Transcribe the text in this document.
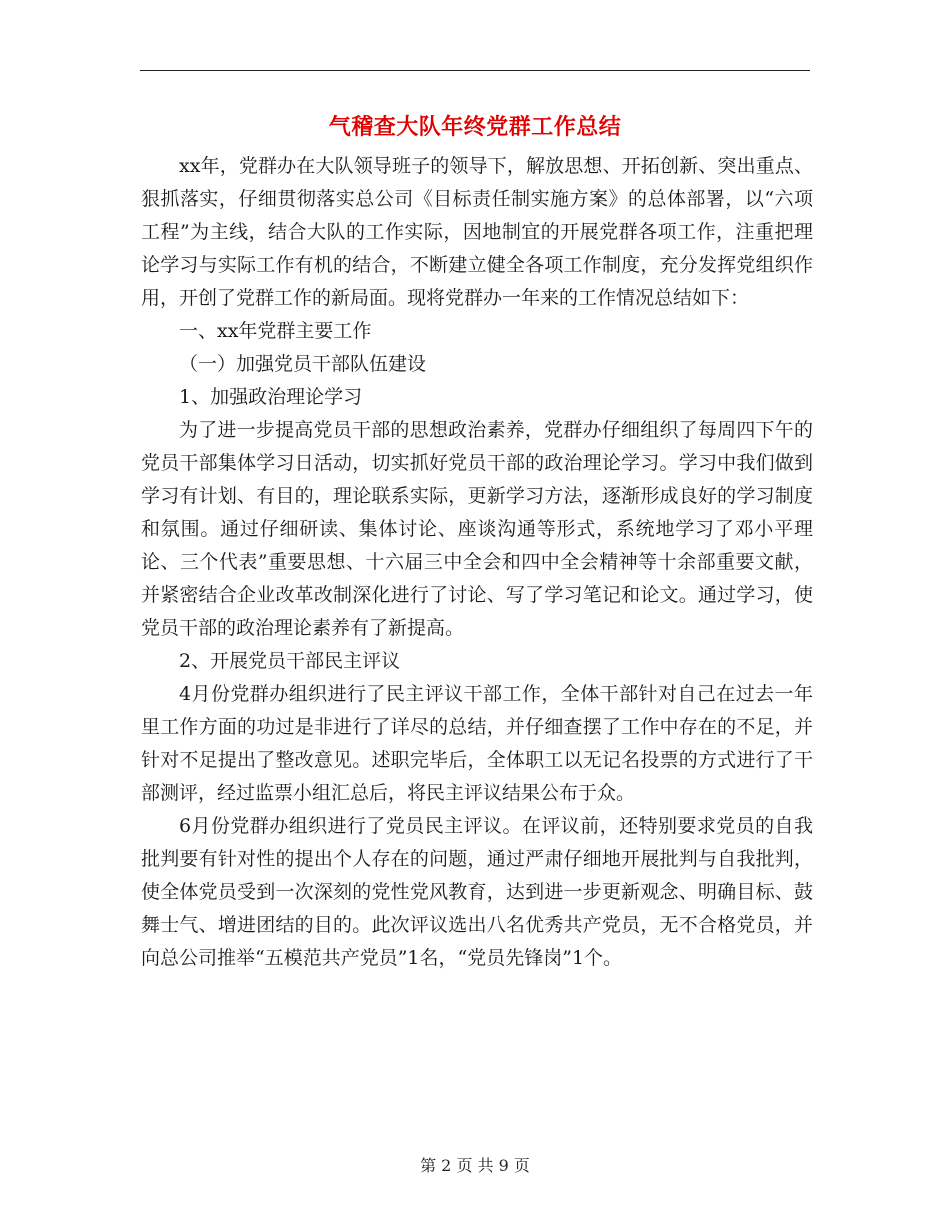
气稽查大队年终党群工作总结

xx年，党群办在大队领导班子的领导下，解放思想、开拓创新、突出重点、狠抓落实，仔细贯彻落实总公司《目标责任制实施方案》的总体部署，以“六项工程”为主线，结合大队的工作实际，因地制宜的开展党群各项工作，注重把理论学习与实际工作有机的结合，不断建立健全各项工作制度，充分发挥党组织作用，开创了党群工作的新局面。现将党群办一年来的工作情况总结如下：

一、xx年党群主要工作

（一）加强党员干部队伍建设

1、加强政治理论学习

为了进一步提高党员干部的思想政治素养，党群办仔细组织了每周四下午的党员干部集体学习日活动，切实抓好党员干部的政治理论学习。学习中我们做到学习有计划、有目的，理论联系实际，更新学习方法，逐渐形成良好的学习制度和氛围。通过仔细研读、集体讨论、座谈沟通等形式，系统地学习了邓小平理论、三个代表”重要思想、十六届三中全会和四中全会精神等十余部重要文献，并紧密结合企业改革改制深化进行了讨论、写了学习笔记和论文。通过学习，使党员干部的政治理论素养有了新提高。

2、开展党员干部民主评议

4月份党群办组织进行了民主评议干部工作，全体干部针对自己在过去一年里工作方面的功过是非进行了详尽的总结，并仔细查摆了工作中存在的不足，并针对不足提出了整改意见。述职完毕后，全体职工以无记名投票的方式进行了干部测评，经过监票小组汇总后，将民主评议结果公布于众。

6月份党群办组织进行了党员民主评议。在评议前，还特别要求党员的自我批判要有针对性的提出个人存在的问题，通过严肃仔细地开展批判与自我批判，使全体党员受到一次深刻的党性党风教育，达到进一步更新观念、明确目标、鼓舞士气、增进团结的目的。此次评议选出八名优秀共产党员，无不合格党员，并向总公司推举“五模范共产党员”1名，“党员先锋岗”1个。

第 2 页 共 9 页
